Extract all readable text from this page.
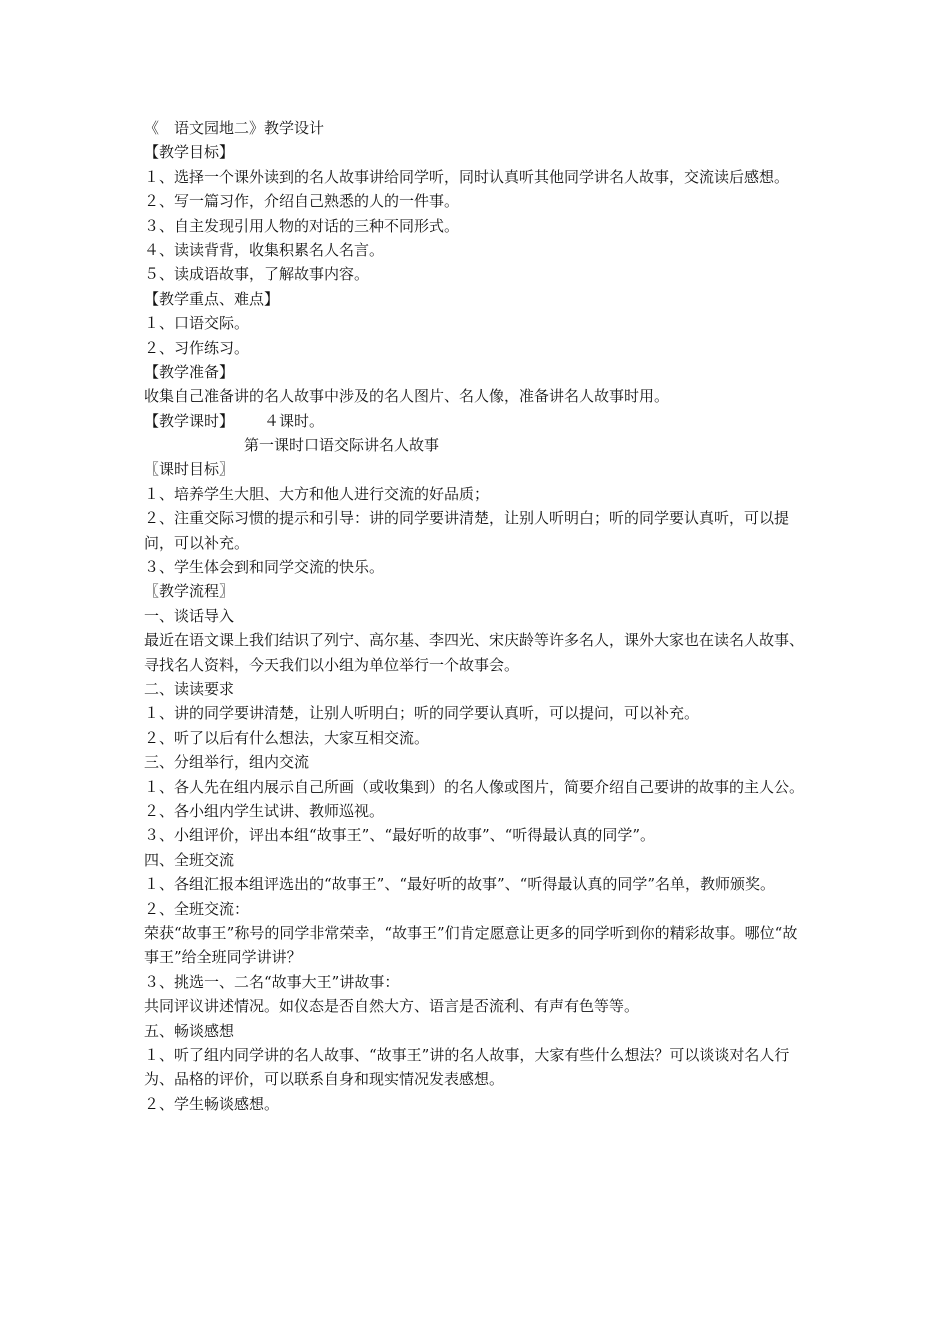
《　语文园地二》教学设计
【教学目标】
１、选择一个课外读到的名人故事讲给同学听，同时认真听其他同学讲名人故事，交流读后感想。
２、写一篇习作，介绍自己熟悉的人的一件事。
３、自主发现引用人物的对话的三种不同形式。
４、读读背背，收集积累名人名言。
５、读成语故事，了解故事内容。
【教学重点、难点】
１、口语交际。
２、习作练习。
【教学准备】
收集自己准备讲的名人故事中涉及的名人图片、名人像，准备讲名人故事时用。
【教学课时】 ４课时。
第一课时口语交际讲名人故事
〖课时目标〗
１、培养学生大胆、大方和他人进行交流的好品质；
２、注重交际习惯的提示和引导：讲的同学要讲清楚，让别人听明白；听的同学要认真听，可以提问，可以补充。
３、学生体会到和同学交流的快乐。
〖教学流程〗
一、谈话导入
最近在语文课上我们结识了列宁、高尔基、李四光、宋庆龄等许多名人，课外大家也在读名人故事、寻找名人资料，今天我们以小组为单位举行一个故事会。
二、读读要求
１、讲的同学要讲清楚，让别人听明白；听的同学要认真听，可以提问，可以补充。
２、听了以后有什么想法，大家互相交流。
三、分组举行，组内交流
１、各人先在组内展示自己所画（或收集到）的名人像或图片，简要介绍自己要讲的故事的主人公。
２、各小组内学生试讲、教师巡视。
３、小组评价，评出本组“故事王”、“最好听的故事”、“听得最认真的同学”。
四、全班交流
１、各组汇报本组评选出的“故事王”、“最好听的故事”、“听得最认真的同学”名单，教师颁奖。
２、全班交流：
荣获“故事王”称号的同学非常荣幸，“故事王”们肯定愿意让更多的同学听到你的精彩故事。哪位“故事王”给全班同学讲讲？
３、挑选一、二名“故事大王”讲故事：
共同评议讲述情况。如仪态是否自然大方、语言是否流利、有声有色等等。
五、畅谈感想
１、听了组内同学讲的名人故事、“故事王”讲的名人故事，大家有些什么想法？可以谈谈对名人行为、品格的评价，可以联系自身和现实情况发表感想。
２、学生畅谈感想。
